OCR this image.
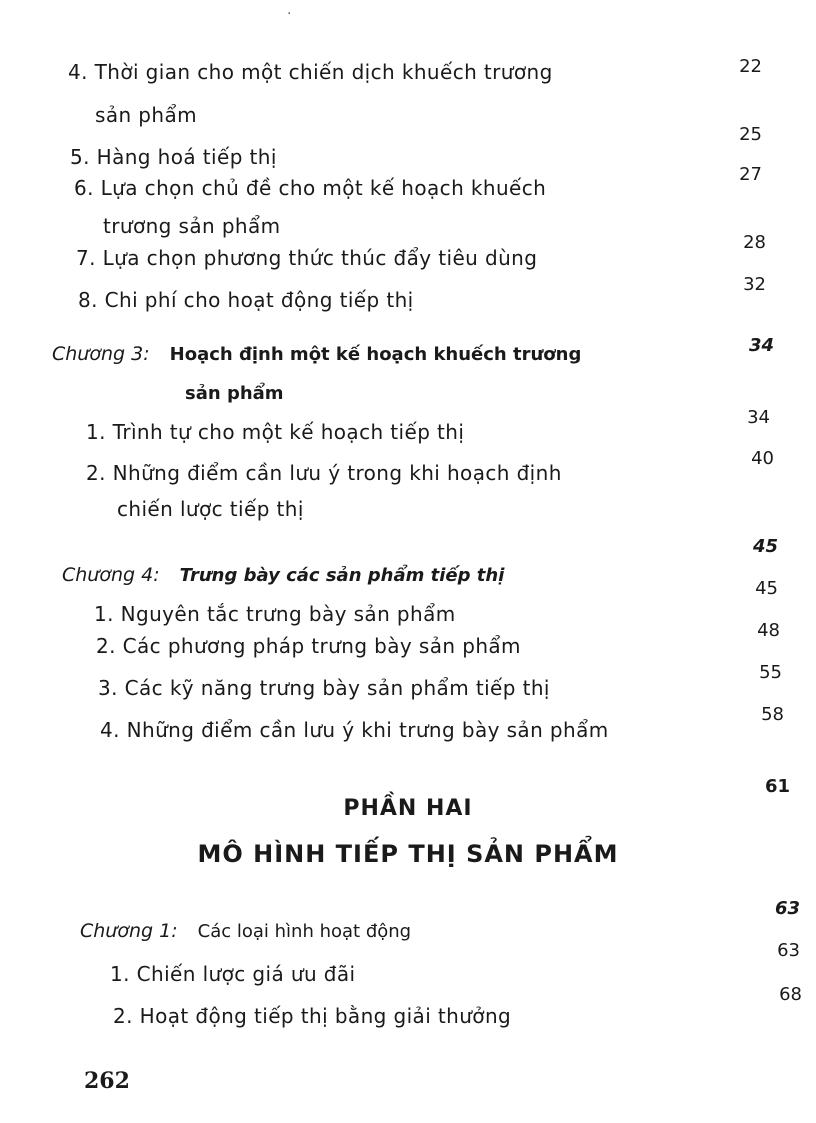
·
4. Thời gian cho một chiến dịch khuếch trương
sản phẩm
22
5. Hàng hoá tiếp thị
25
6. Lựa chọn chủ đề cho một kế hoạch khuếch
trương sản phẩm
27
7. Lựa chọn phương thức thúc đẩy tiêu dùng
28
8. Chi phí cho hoạt động tiếp thị
32
Chương 3: Hoạch định một kế hoạch khuếch trương
sản phẩm
34
1. Trình tự cho một kế hoạch tiếp thị
34
2. Những điểm cần lưu ý trong khi hoạch định
chiến lược tiếp thị
40
Chương 4: Trưng bày các sản phẩm tiếp thị
45
1. Nguyên tắc trưng bày sản phẩm
45
2. Các phương pháp trưng bày sản phẩm
48
3. Các kỹ năng trưng bày sản phẩm tiếp thị
55
4. Những điểm cần lưu ý khi trưng bày sản phẩm
58
PHẦN HAI
61
MÔ HÌNH TIẾP THỊ SẢN PHẨM
Chương 1: Các loại hình hoạt động
63
1. Chiến lược giá ưu đãi
63
2. Hoạt động tiếp thị bằng giải thưởng
68
262
